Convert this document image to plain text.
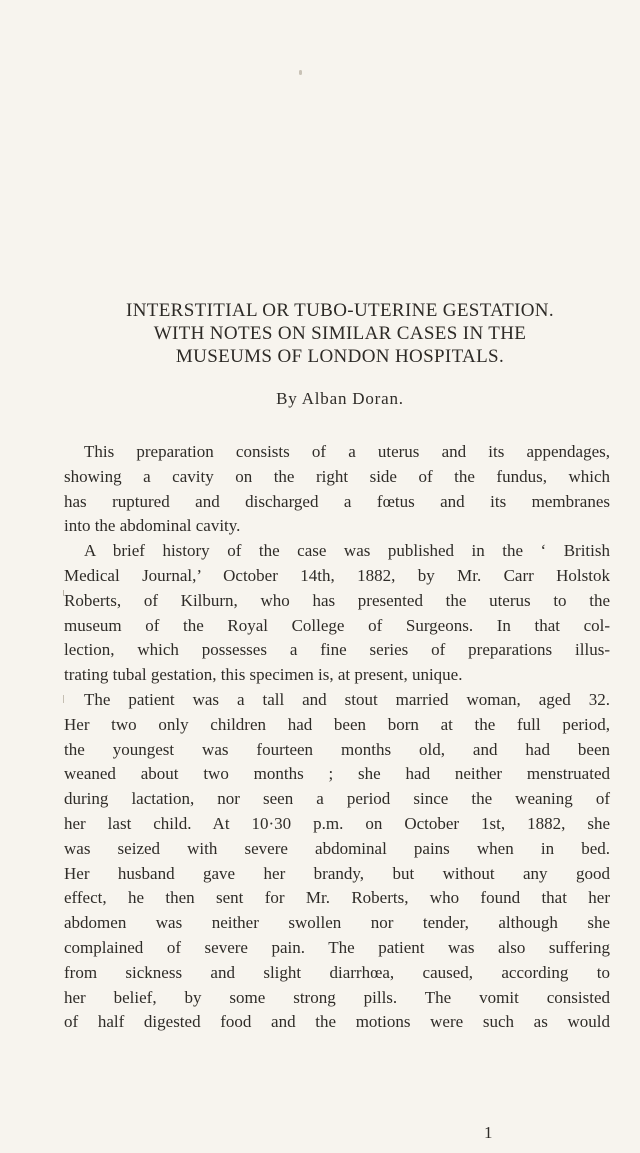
INTERSTITIAL OR TUBO-UTERINE GESTATION.
WITH NOTES ON SIMILAR CASES IN THE
MUSEUMS OF LONDON HOSPITALS.

By Alban Doran.

This preparation consists of a uterus and its appendages,
showing a cavity on the right side of the fundus, which
has ruptured and discharged a fœtus and its membranes
into the abdominal cavity.
A brief history of the case was published in the ‘ British
Medical Journal,’ October 14th, 1882, by Mr. Carr Holstok
Roberts, of Kilburn, who has presented the uterus to the
museum of the Royal College of Surgeons. In that col-
lection, which possesses a fine series of preparations illus-
trating tubal gestation, this specimen is, at present, unique.
The patient was a tall and stout married woman, aged 32.
Her two only children had been born at the full period,
the youngest was fourteen months old, and had been
weaned about two months ; she had neither menstruated
during lactation, nor seen a period since the weaning of
her last child. At 10·30 p.m. on October 1st, 1882, she
was seized with severe abdominal pains when in bed.
Her husband gave her brandy, but without any good
effect, he then sent for Mr. Roberts, who found that her
abdomen was neither swollen nor tender, although she
complained of severe pain. The patient was also suffering
from sickness and slight diarrhœa, caused, according to
her belief, by some strong pills. The vomit consisted
of half digested food and the motions were such as would

1
